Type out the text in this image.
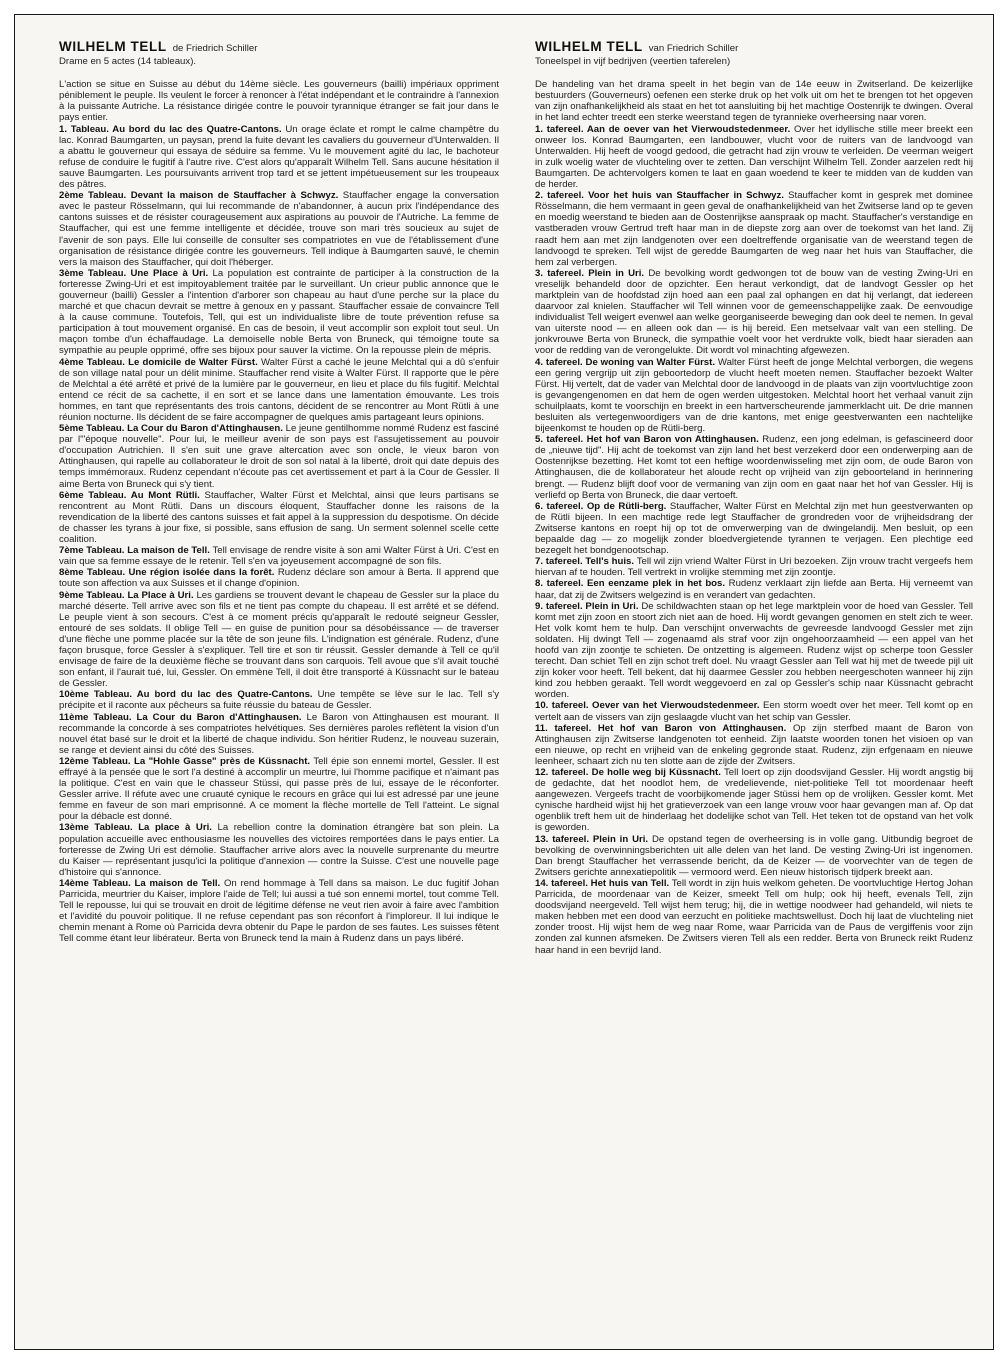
WILHELM TELL de Friedrich Schiller
Drame en 5 actes (14 tableaux).

L'action se situe en Suisse au début du 14ème siècle. Les gouverneurs (bailli) impériaux oppriment péniblement le peuple. Ils veulent le forcer à renoncer à l'état indépendant et le contraindre à l'annexion à la puissante Autriche. La résistance dirigée contre le pouvoir tyrannique étranger se fait jour dans le pays entier.

1. Tableau. Au bord du lac des Quatre-Cantons. Un orage éclate et rompt le calme champêtre du lac. Konrad Baumgarten, un paysan, prend la fuite devant les cavaliers du gouverneur d'Unterwalden. Il a abattu le gouverneur qui essaya de séduire sa femme. Vu le mouvement agité du lac, le bachoteur refuse de conduire le fugitif à l'autre rive. C'est alors qu'apparaît Wilhelm Tell. Sans aucune hésitation il sauve Baumgarten. Les poursuivants arrivent trop tard et se jettent impétueusement sur les troupeaux des pâtres.

2ème Tableau. Devant la maison de Stauffacher à Schwyz. Stauffacher engage la conversation avec le pasteur Rösselmann, qui lui recommande de n'abandonner, à aucun prix l'indépendance des cantons suisses et de résister courageusement aux aspirations au pouvoir de l'Autriche. La femme de Stauffacher, qui est une femme intelligente et décidée, trouve son mari très soucieux au sujet de l'avenir de son pays. Elle lui conseille de consulter ses compatriotes en vue de l'établissement d'une organisation de résistance dirigée contre les gouverneurs. Tell indique à Baumgarten sauvé, le chemin vers la maison des Stauffacher, qui doit l'héberger.

3ème Tableau. Une Place à Uri. La population est contrainte de participer à la construction de la forteresse Zwing-Uri et est impitoyablement traitée par le surveillant. Un crieur public annonce que le gouverneur (bailli) Gessler a l'intention d'arborer son chapeau au haut d'une perche sur la place du marché et que chacun devrait se mettre à genoux en y passant. Stauffacher essaie de convaincre Tell à la cause commune. Toutefois, Tell, qui est un individualiste libre de toute prévention refuse sa participation à tout mouvement organisé. En cas de besoin, il veut accomplir son exploit tout seul. Un maçon tombe d'un échaffaudage. La demoiselle noble Berta von Bruneck, qui témoigne toute sa sympathie au peuple opprimé, offre ses bijoux pour sauver la victime. On la repousse plein de mépris.

4ème Tableau. Le domicile de Walter Fürst. Walter Fürst a caché le jeune Melchtal qui a dû s'enfuir de son village natal pour un délit minime. Stauffacher rend visite à Walter Fürst. Il rapporte que le père de Melchtal a été arrêté et privé de la lumière par le gouverneur, en lieu et place du fils fugitif. Melchtal entend ce récit de sa cachette, il en sort et se lance dans une lamentation émouvante. Les trois hommes, en tant que représentants des trois cantons, décident de se rencontrer au Mont Rütli à une réunion nocturne. Ils décident de se faire accompagner de quelques amis partageant leurs opinions.

5ème Tableau. La Cour du Baron d'Attinghausen. Le jeune gentilhomme nommé Rudenz est fasciné par l'"époque nouvelle". Pour lui, le meilleur avenir de son pays est l'assujetissement au pouvoir d'occupation Autrichien. Il s'en suit une grave altercation avec son oncle, le vieux baron von Attinghausen, qui rapelle au collaborateur le droit de son sol natal à la liberté, droit qui date depuis des temps immémoraux. Rudenz cependant n'écoute pas cet avertissement et part à la Cour de Gessler. Il aime Berta von Bruneck qui s'y tient.

6ème Tableau. Au Mont Rütli. Stauffacher, Walter Fürst et Melchtal, ainsi que leurs partisans se rencontrent au Mont Rütli. Dans un discours éloquent, Stauffacher donne les raisons de la revendication de la liberté des cantons suisses et fait appel à la suppression du despotisme. On décide de chasser les tyrans à jour fixe, si possible, sans effusion de sang. Un serment solennel scelle cette coalition.

7ème Tableau. La maison de Tell. Tell envisage de rendre visite à son ami Walter Fürst à Uri. C'est en vain que sa femme essaye de le retenir. Tell s'en va joyeusement accompagné de son fils.

8ème Tableau. Une région isolée dans la forêt. Rudenz déclare son amour à Berta. Il apprend que toute son affection va aux Suisses et il change d'opinion.

9ème Tableau. La Place à Uri. Les gardiens se trouvent devant le chapeau de Gessler sur la place du marché déserte. Tell arrive avec son fils et ne tient pas compte du chapeau. Il est arrêté et se défend. Le peuple vient à son secours. C'est à ce moment précis qu'apparaît le redouté seigneur Gessler, entouré de ses soldats. Il oblige Tell — en guise de punition pour sa désobéissance — de traverser d'une flèche une pomme placée sur la tête de son jeune fils. L'indignation est générale. Rudenz, d'une façon brusque, force Gessler à s'expliquer. Tell tire et son tir réussit. Gessler demande à Tell ce qu'il envisage de faire de la deuxième flèche se trouvant dans son carquois. Tell avoue que s'il avait touché son enfant, il l'aurait tué, lui, Gessler. On emmène Tell, il doit être transporté à Küssnacht sur le bateau de Gessler.

10ème Tableau. Au bord du lac des Quatre-Cantons. Une tempête se lève sur le lac. Tell s'y précipite et il raconte aux pêcheurs sa fuite réussie du bateau de Gessler.

11ème Tableau. La Cour du Baron d'Attinghausen. Le Baron von Attinghausen est mourant. Il recommande la concorde à ses compatriotes helvétiques. Ses dernières paroles reflètent la vision d'un nouvel état basé sur le droit et la liberté de chaque individu. Son héritier Rudenz, le nouveau suzerain, se range et devient ainsi du côté des Suisses.

12ème Tableau. La "Hohle Gasse" près de Küssnacht. Tell épie son ennemi mortel, Gessler. Il est effrayé à la pensée que le sort l'a destiné à accomplir un meurtre, lui l'homme pacifique et n'aimant pas la politique. C'est en vain que le chasseur Stüssi, qui passe près de lui, essaye de le réconforter. Gessler arrive. Il réfute avec une cruauté cynique le recours en grâce qui lui est adressé par une jeune femme en faveur de son mari emprisonné. A ce moment la flèche mortelle de Tell l'atteint. Le signal pour la débacle est donné.

13ème Tableau. La place à Uri. La rebellion contre la domination étrangère bat son plein. La population accueille avec enthousiasme les nouvelles des victoires remportées dans le pays entier. La forteresse de Zwing Uri est démolie. Stauffacher arrive alors avec la nouvelle surprenante du meurtre du Kaiser — représentant jusqu'ici la politique d'annexion — contre la Suisse. C'est une nouvelle page d'histoire qui s'annonce.

14ème Tableau. La maison de Tell. On rend hommage à Tell dans sa maison. Le duc fugitif Johan Parricida, meurtrier du Kaiser, implore l'aide de Tell; lui aussi a tué son ennemi mortel, tout comme Tell. Tell le repousse, lui qui se trouvait en droit de légitime défense ne veut rien avoir à faire avec l'ambition et l'avidité du pouvoir politique. Il ne refuse cependant pas son réconfort à l'imploreur. Il lui indique le chemin menant à Rome où Parricida devra obtenir du Pape le pardon de ses fautes. Les suisses fêtent Tell comme étant leur libérateur. Berta von Bruneck tend la main à Rudenz dans un pays libéré.

WILHELM TELL van Friedrich Schiller
Toneelspel in vijf bedrijven (veertien taferelen)

De handeling van het drama speelt in het begin van de 14e eeuw in Zwitserland. De keizerlijke bestuurders (Gouverneurs) oefenen een sterke druk op het volk uit om het te brengen tot het opgeven van zijn onafhankelijkheid als staat en het tot aansluiting bij het machtige Oostenrijk te dwingen. Overal in het land echter treedt een sterke weerstand tegen de tyrannieke overheersing naar voren.

1. tafereel. Aan de oever van het Vierwoudstedenmeer. Over het idyllische stille meer breekt een onweer los. Konrad Baumgarten, een landbouwer, vlucht voor de ruiters van de landvoogd van Unterwalden. Hij heeft de voogd gedood, die getracht had zijn vrouw te verleiden. De veerman weigert in zulk woelig water de vluchteling over te zetten. Dan verschijnt Wilhelm Tell. Zonder aarzelen redt hij Baumgarten. De achtervolgers komen te laat en gaan woedend te keer te midden van de kudden van de herder.

2. tafereel. Voor het huis van Stauffacher in Schwyz. Stauffacher komt in gesprek met dominee Rösselmann, die hem vermaant in geen geval de onafhankelijkheid van het Zwitserse land op te geven en moedig weerstand te bieden aan de Oostenrijkse aanspraak op macht. Stauffacher's verstandige en vastberaden vrouw Gertrud treft haar man in de diepste zorg aan over de toekomst van het land. Zij raadt hem aan met zijn landgenoten over een doeltreffende organisatie van de weerstand tegen de landvoogd te spreken. Tell wijst de geredde Baumgarten de weg naar het huis van Stauffacher, die hem zal verbergen.

3. tafereel. Plein in Uri. De bevolking wordt gedwongen tot de bouw van de vesting Zwing-Uri en vreselijk behandeld door de opzichter. Een heraut verkondigt, dat de landvogt Gessler op het marktplein van de hoofdstad zijn hoed aan een paal zal ophangen en dat hij verlangt, dat iedereen daarvoor zal knielen. Stauffacher wil Tell winnen voor de gemeenschappelijke zaak. De eenvoudige individualist Tell weigert evenwel aan welke georganiseerde beweging dan ook deel te nemen. In geval van uiterste nood — en alleen ook dan — is hij bereid. Een metselvaar valt van een stelling. De jonkvrouwe Berta von Bruneck, die sympathie voelt voor het verdrukte volk, biedt haar sieraden aan voor de redding van de verongelukte. Dit wordt vol minachting afgewezen.

4. tafereel. De woning van Walter Fürst. Walter Fürst heeft de jonge Melchtal verborgen, die wegens een gering vergrijp uit zijn geboortedorp de vlucht heeft moeten nemen. Stauffacher bezoekt Walter Fürst. Hij vertelt, dat de vader van Melchtal door de landvoogd in de plaats van zijn voortvluchtige zoon is gevangengenomen en dat hem de ogen werden uitgestoken. Melchtal hoort het verhaal vanuit zijn schuilplaats, komt te voorschijn en breekt in een hartverscheurende jammerklacht uit. De drie mannen besluiten als vertegenwoordigers van de drie kantons, met enige geestverwanten een nachtelijke bijeenkomst te houden op de Rütli-berg.

5. tafereel. Het hof van Baron von Attinghausen. Rudenz, een jong edelman, is gefascineerd door de „nieuwe tijd". Hij acht de toekomst van zijn land het best verzekerd door een onderwerping aan de Oostenrijkse bezetting. Het komt tot een heftige woordenwisseling met zijn oom, de oude Baron von Attinghausen, die de kollaborateur het aloude recht op vrijheid van zijn geboorteland in herinnering brengt. — Rudenz blijft doof voor de vermaning van zijn oom en gaat naar het hof van Gessler. Hij is verliefd op Berta von Bruneck, die daar vertoeft.

6. tafereel. Op de Rütli-berg. Stauffacher, Walter Fürst en Melchtal zijn met hun geestverwanten op de Rütli bijeen. In een machtige rede legt Stauffacher de grondreden voor de vrijheidsdrang der Zwitserse kantons en roept hij op tot de omverwerping van de dwingelandij. Men besluit, op een bepaalde dag — zo mogelijk zonder bloedvergietende tyrannen te verjagen. Een plechtige eed bezegelt het bondgenootschap.

7. tafereel. Tell's huis. Tell wil zijn vriend Walter Fürst in Uri bezoeken. Zijn vrouw tracht vergeefs hem hiervan af te houden. Tell vertrekt in vrolijke stemming met zijn zoontje.

8. tafereel. Een eenzame plek in het bos. Rudenz verklaart zijn liefde aan Berta. Hij verneemt van haar, dat zij de Zwitsers welgezind is en verandert van gedachten.

9. tafereel. Plein in Uri. De schildwachten staan op het lege marktplein voor de hoed van Gessler. Tell komt met zijn zoon en stoort zich niet aan de hoed. Hij wordt gevangen genomen en stelt zich te weer. Het volk komt hem te hulp. Dan verschijnt onverwachts de gevreesde landvoogd Gessler met zijn soldaten. Hij dwingt Tell — zogenaamd als straf voor zijn ongehoorzaamheid — een appel van het hoofd van zijn zoontje te schieten. De ontzetting is algemeen. Rudenz wijst op scherpe toon Gessler terecht. Dan schiet Tell en zijn schot treft doel. Nu vraagt Gessler aan Tell wat hij met de tweede pijl uit zijn koker voor heeft. Tell bekent, dat hij daarmee Gessler zou hebben neergeschoten wanneer hij zijn kind zou hebben geraakt. Tell wordt weggevoerd en zal op Gessler's schip naar Küssnacht gebracht worden.

10. tafereel. Oever van het Vierwoudstedenmeer. Een storm woedt over het meer. Tell komt op en vertelt aan de vissers van zijn geslaagde vlucht van het schip van Gessler.

11. tafereel. Het hof van Baron von Attinghausen. Op zijn sterfbed maant de Baron von Attinghausen zijn Zwitserse landgenoten tot eenheid. Zijn laatste woorden tonen het visioen op van een nieuwe, op recht en vrijheid van de enkeling gegronde staat. Rudenz, zijn erfgenaam en nieuwe leenheer, schaart zich nu ten slotte aan de zijde der Zwitsers.

12. tafereel. De holle weg bij Küssnacht. Tell loert op zijn doodsvijand Gessler. Hij wordt angstig bij de gedachte, dat het noodlot hem, de vredelievende, niet-politieke Tell tot moordenaar heeft aangewezen. Vergeefs tracht de voorbijkomende jager Stüssi hem op de vrolijken. Gessler komt. Met cynische hardheid wijst hij het gratieverzoek van een lange vrouw voor haar gevangen man af. Op dat ogenblik treft hem uit de hinderlaag het dodelijke schot van Tell. Het teken tot de opstand van het volk is geworden.

13. tafereel. Plein in Uri. De opstand tegen de overheersing is in volle gang. Uitbundig begroet de bevolking de overwinningsberichten uit alle delen van het land. De vesting Zwing-Uri ist ingenomen. Dan brengt Stauffacher het verrassende bericht, da de Keizer — de voorvechter van de tegen de Zwitsers gerichte annexatiepolitik — vermoord werd. Een nieuw historisch tijdperk breekt aan.

14. tafereel. Het huis van Tell. Tell wordt in zijn huis welkom geheten. De voortvluchtige Hertog Johan Parricida, de moordenaar van de Keizer, smeekt Tell om hulp; ook hij heeft, evenals Tell, zijn doodsvijand neergeveld. Tell wijst hem terug; hij, die in wettige noodweer had gehandeld, wil niets te maken hebben met een dood van eerzucht en politieke machtswellust. Doch hij laat de vluchteling niet zonder troost. Hij wijst hem de weg naar Rome, waar Parricida van de Paus de vergiffenis voor zijn zonden zal kunnen afsmeken. De Zwitsers vieren Tell als een redder. Berta von Bruneck reikt Rudenz haar hand in een bevrijd land.
